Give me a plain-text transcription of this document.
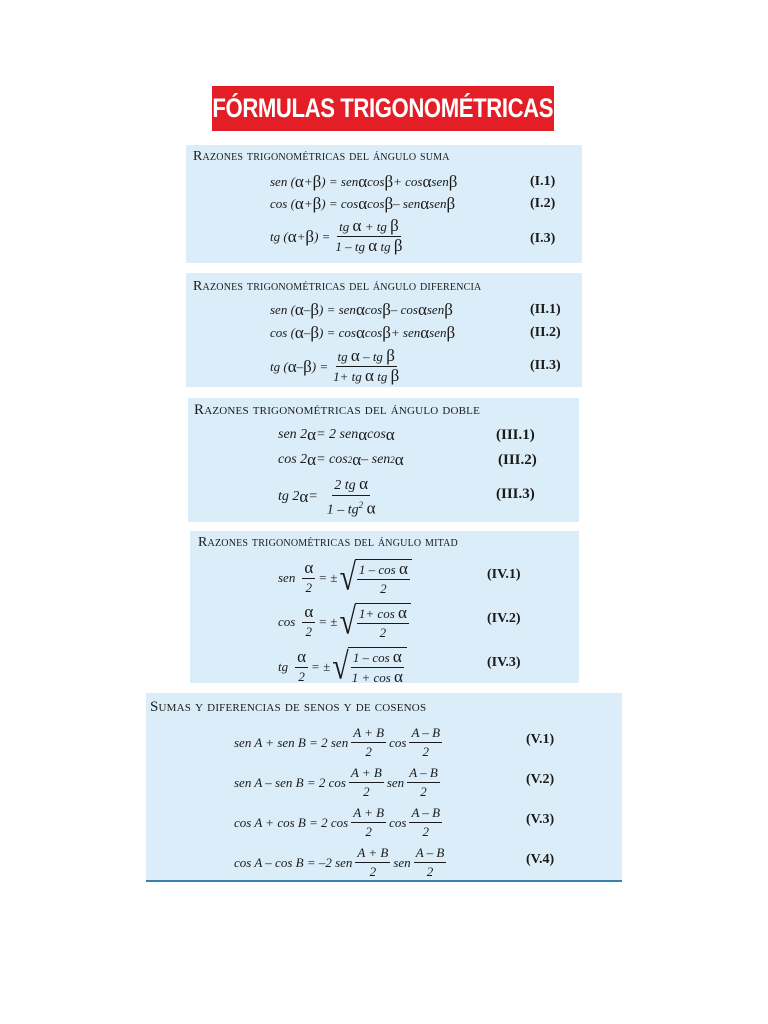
FÓRMULAS TRIGONOMÉTRICAS
Razones trigonométricas del ángulo suma
sen ( α + β ) = sen α cos β + cos α sen β	(I.1)
cos ( α + β ) = cos α cos β – sen α sen β	(I.2)
tg ( α + β ) = $\frac{\text{tg α + tg β}}{\text{1 – tg α tg β}}$	(I.3)
Razones trigonométricas del ángulo diferencia
sen ( α – β ) = sen α cos β – cos α sen β	(II.1)
cos ( α – β ) = cos α cos β + sen α sen β	(II.2)
tg ( α – β ) = $\frac{\text{tg α – tg β}}{\text{1+ tg α tg β}}$	(II.3)
Razones trigonométricas del ángulo doble
sen 2 α = 2 sen α cos α	(III.1)
cos 2 α = cos 2 α – sen 2 α	(III.2)
tg 2 $\alpha = \frac{\text{2 tg α}}{1 - tg^2 \alpha}$	(III.3)
Razones trigonométricas del ángulo mitad
sen $\frac{\alpha}{2}$ = ± √ $\frac{\text{1 – cos α}}{2}$	(IV.1)
$\cos \frac{\alpha}{2}$ = ± √ $\frac{\text{1+ cos α}}{2}$	(IV.2)
tg $\frac{\alpha}{2}$ = ± √ $\frac{\text{1 – cos α}}{\text{1 + cos α}}$	(IV.3)
Sumas y diferencias de senos y de cosenos
sen A + sen B = 2 sen $\frac{A + B}{2}$ $\cos \frac{A - B}{2}$	(V.1)
sen A – sen B = 2 $\cos \frac{A + B}{2}$ sen $\frac{A - B}{2}$	(V.2)
cos A + cos B = 2 $\cos \frac{A + B}{2}$ $\cos \frac{A - B}{2}$	(V.3)
cos A – cos B = –2 sen $\frac{A + B}{2}$ sen $\frac{A - B}{2}$	(V.4)
